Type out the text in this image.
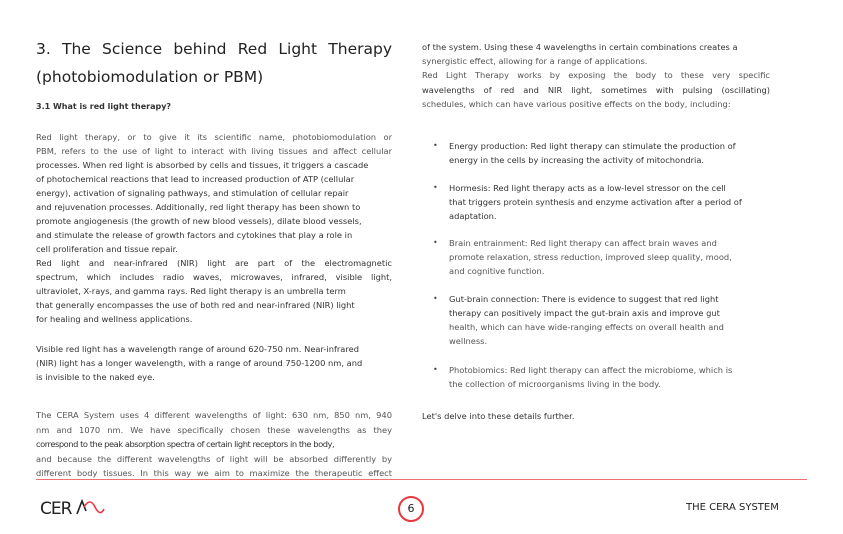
3. The Science behind Red Light Therapy
(photobiomodulation or PBM)
3.1 What is red light therapy?
Red light therapy, or to give it its scientific name, photobiomodulation or
PBM, refers to the use of light to interact with living tissues and affect cellular
processes. When red light is absorbed by cells and tissues, it triggers a cascade
of photochemical reactions that lead to increased production of ATP (cellular
energy), activation of signaling pathways, and stimulation of cellular repair
and rejuvenation processes. Additionally, red light therapy has been shown to
promote angiogenesis (the growth of new blood vessels), dilate blood vessels,
and stimulate the release of growth factors and cytokines that play a role in
cell proliferation and tissue repair.
Red light and near-infrared (NIR) light are part of the electromagnetic
spectrum, which includes radio waves, microwaves, infrared, visible light,
ultraviolet, X-rays, and gamma rays. Red light therapy is an umbrella term
that generally encompasses the use of both red and near-infrared (NIR) light
for healing and wellness applications.
Visible red light has a wavelength range of around 620-750 nm. Near-infrared
(NIR) light has a longer wavelength, with a range of around 750-1200 nm, and
is invisible to the naked eye.
The CERA System uses 4 different wavelengths of light: 630 nm, 850 nm, 940
nm and 1070 nm. We have specifically chosen these wavelengths as they
correspond to the peak absorption spectra of certain light receptors in the body,
and because the different wavelengths of light will be absorbed differently by
different body tissues. In this way we aim to maximize the therapeutic effect
of the system. Using these 4 wavelengths in certain combinations creates a
synergistic effect, allowing for a range of applications.
Red Light Therapy works by exposing the body to these very specific
wavelengths of red and NIR light, sometimes with pulsing (oscillating)
schedules, which can have various positive effects on the body, including:
• Energy production: Red light therapy can stimulate the production of
energy in the cells by increasing the activity of mitochondria.
• Hormesis: Red light therapy acts as a low-level stressor on the cell
that triggers protein synthesis and enzyme activation after a period of
adaptation.
• Brain entrainment: Red light therapy can affect brain waves and
promote relaxation, stress reduction, improved sleep quality, mood,
and cognitive function.
• Gut-brain connection: There is evidence to suggest that red light
therapy can positively impact the gut-brain axis and improve gut
health, which can have wide-ranging effects on overall health and
wellness.
• Photobiomics: Red light therapy can affect the microbiome, which is
the collection of microorganisms living in the body.
Let's delve into these details further.
CER	6	THE CERA SYSTEM
